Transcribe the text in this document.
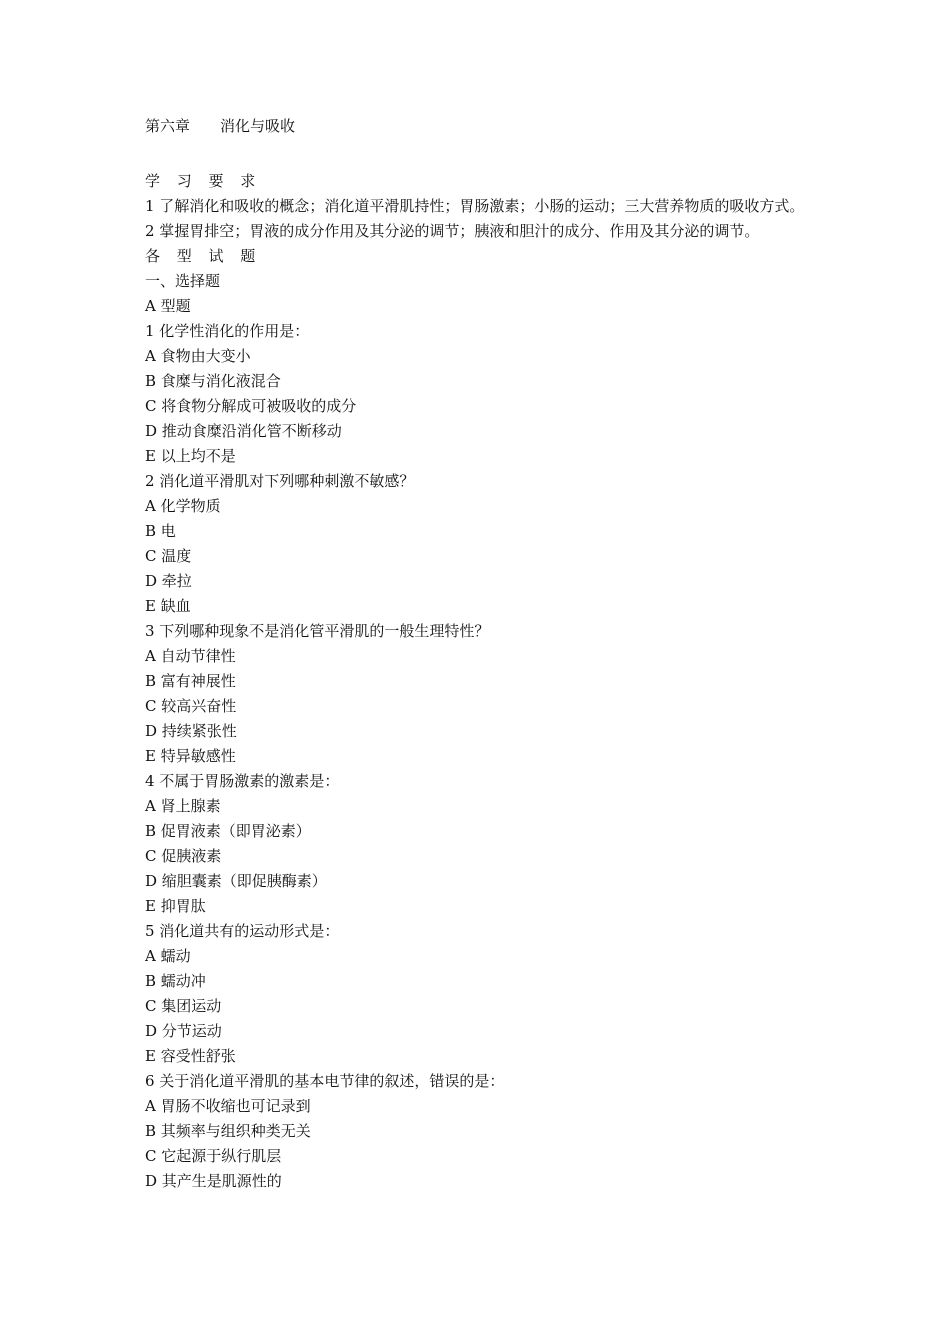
第六章　　消化与吸收

学 习 要 求

1 了解消化和吸收的概念；消化道平滑肌持性；胃肠激素；小肠的运动；三大营养物质的吸收方式。

2 掌握胃排空；胃液的成分作用及其分泌的调节；胰液和胆汁的成分、作用及其分泌的调节。

各 型 试 题

一、选择题

A 型题

1 化学性消化的作用是：

A 食物由大变小

B 食糜与消化液混合

C 将食物分解成可被吸收的成分

D 推动食糜沿消化管不断移动

E 以上均不是

2 消化道平滑肌对下列哪种刺激不敏感？

A 化学物质

B 电

C 温度

D 牵拉

E 缺血

3 下列哪种现象不是消化管平滑肌的一般生理特性？

A 自动节律性

B 富有神展性

C 较高兴奋性

D 持续紧张性

E 特异敏感性

4 不属于胃肠激素的激素是：

A 肾上腺素

B 促胃液素（即胃泌素）

C 促胰液素

D 缩胆囊素（即促胰酶素）

E 抑胃肽

5 消化道共有的运动形式是：

A 蠕动

B 蠕动冲

C 集团运动

D 分节运动

E 容受性舒张

6 关于消化道平滑肌的基本电节律的叙述，错误的是：

A 胃肠不收缩也可记录到

B 其频率与组织种类无关

C 它起源于纵行肌层

D 其产生是肌源性的
